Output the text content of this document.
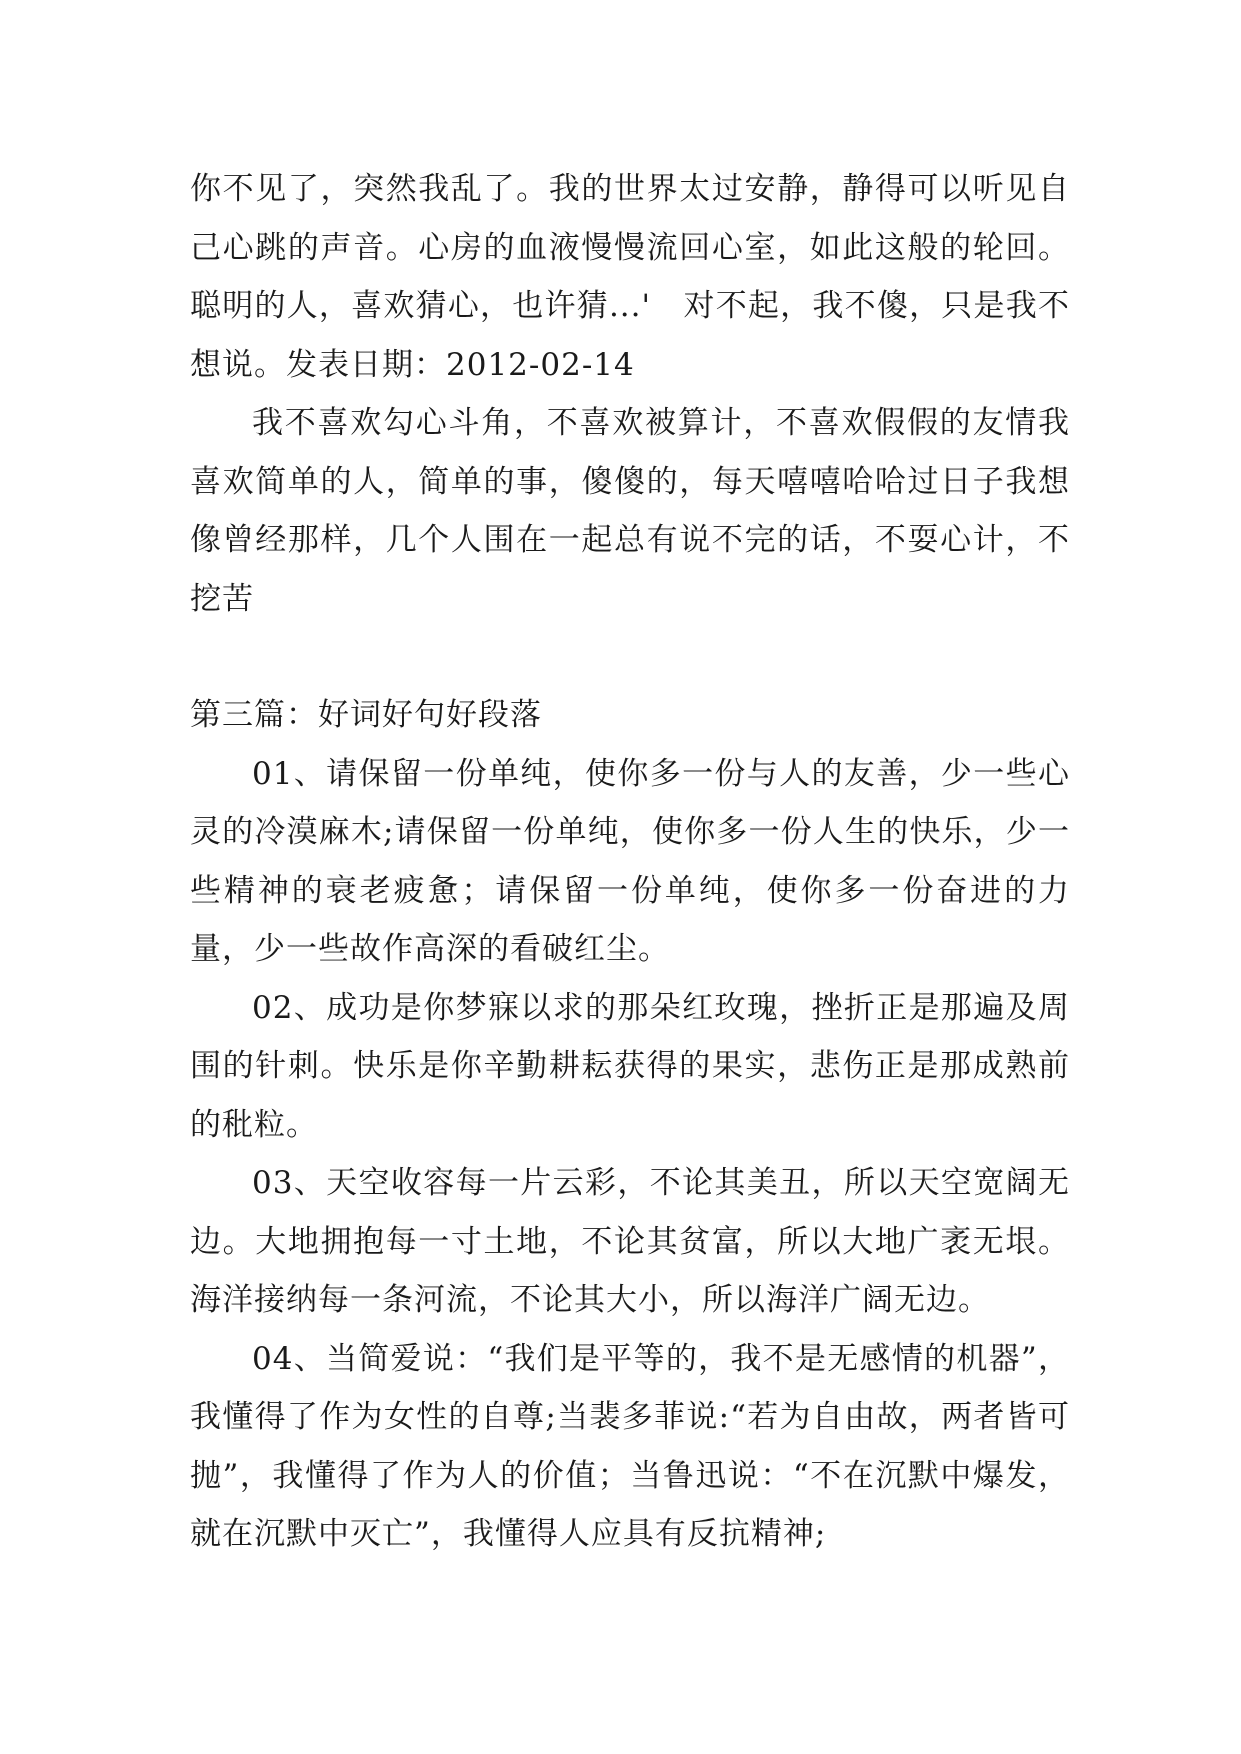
你不见了，突然我乱了。我的世界太过安静，静得可以听见自己心跳的声音。心房的血液慢慢流回心室，如此这般的轮回。聪明的人，喜欢猜心，也许猜...'　对不起，我不傻，只是我不想说。发表日期：2012-02-14

我不喜欢勾心斗角，不喜欢被算计，不喜欢假假的友情我喜欢简单的人，简单的事，傻傻的，每天嘻嘻哈哈过日子我想像曾经那样，几个人围在一起总有说不完的话，不耍心计，不挖苦

第三篇：好词好句好段落

01、请保留一份单纯，使你多一份与人的友善，少一些心灵的冷漠麻木;请保留一份单纯，使你多一份人生的快乐，少一些精神的衰老疲惫；请保留一份单纯，使你多一份奋进的力量，少一些故作高深的看破红尘。

02、成功是你梦寐以求的那朵红玫瑰，挫折正是那遍及周围的针刺。快乐是你辛勤耕耘获得的果实，悲伤正是那成熟前的秕粒。

03、天空收容每一片云彩，不论其美丑，所以天空宽阔无边。大地拥抱每一寸土地，不论其贫富，所以大地广袤无垠。海洋接纳每一条河流，不论其大小，所以海洋广阔无边。

04、当简爱说：“我们是平等的，我不是无感情的机器”，我懂得了作为女性的自尊;当裴多菲说:“若为自由故，两者皆可抛”，我懂得了作为人的价值；当鲁迅说：“不在沉默中爆发，就在沉默中灭亡”，我懂得人应具有反抗精神;
